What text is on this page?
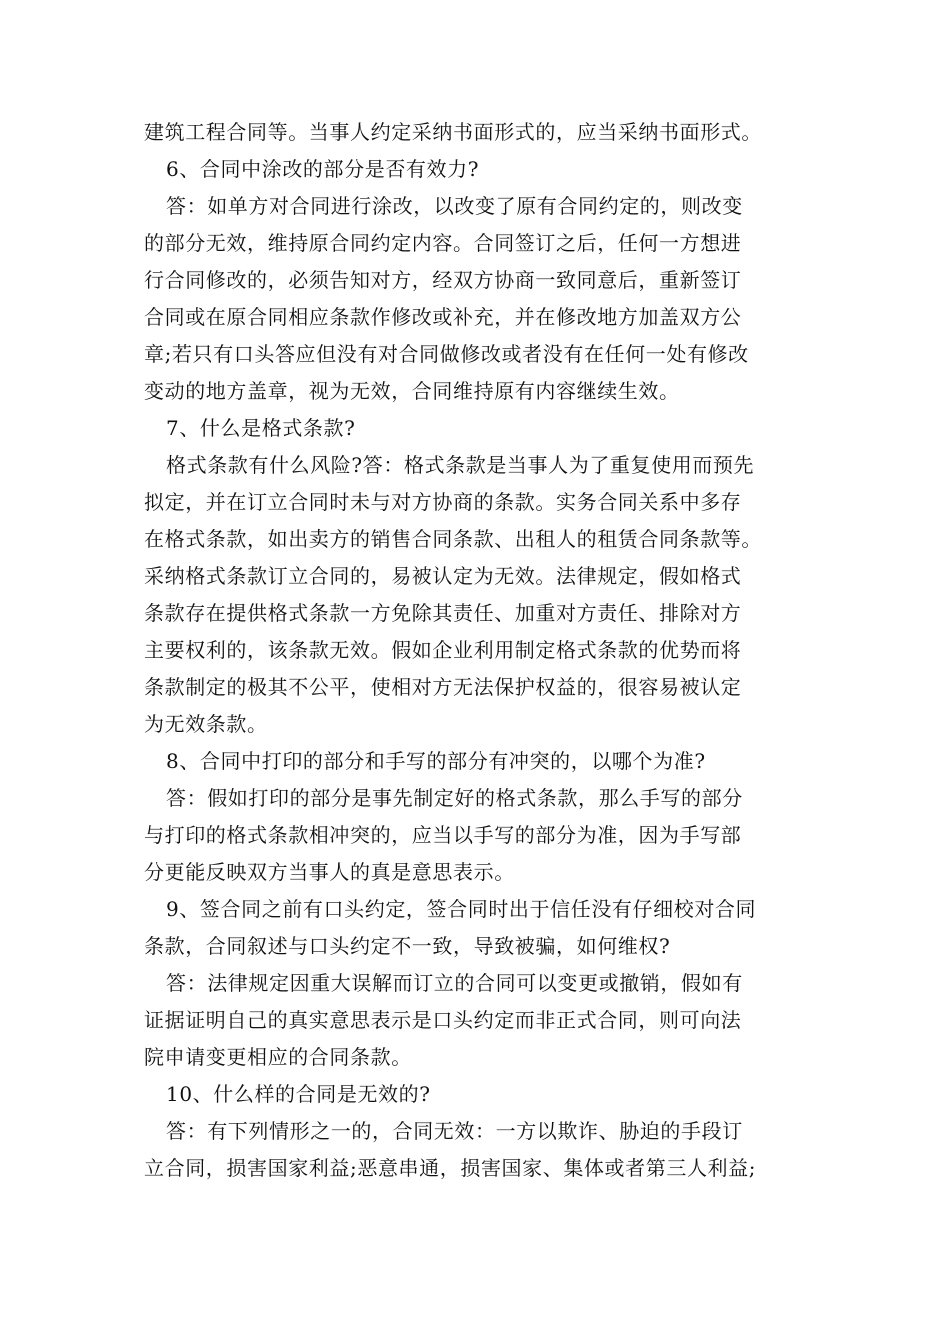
建筑工程合同等。当事人约定采纳书面形式的，应当采纳书面形式。
6、合同中涂改的部分是否有效力?
答：如单方对合同进行涂改，以改变了原有合同约定的，则改变
的部分无效，维持原合同约定内容。合同签订之后，任何一方想进
行合同修改的，必须告知对方，经双方协商一致同意后，重新签订
合同或在原合同相应条款作修改或补充，并在修改地方加盖双方公
章;若只有口头答应但没有对合同做修改或者没有在任何一处有修改
变动的地方盖章，视为无效，合同维持原有内容继续生效。
7、什么是格式条款?
格式条款有什么风险?答：格式条款是当事人为了重复使用而预先
拟定，并在订立合同时未与对方协商的条款。实务合同关系中多存
在格式条款，如出卖方的销售合同条款、出租人的租赁合同条款等。
采纳格式条款订立合同的，易被认定为无效。法律规定，假如格式
条款存在提供格式条款一方免除其责任、加重对方责任、排除对方
主要权利的，该条款无效。假如企业利用制定格式条款的优势而将
条款制定的极其不公平，使相对方无法保护权益的，很容易被认定
为无效条款。
8、合同中打印的部分和手写的部分有冲突的，以哪个为准?
答：假如打印的部分是事先制定好的格式条款，那么手写的部分
与打印的格式条款相冲突的，应当以手写的部分为准，因为手写部
分更能反映双方当事人的真是意思表示。
9、签合同之前有口头约定，签合同时出于信任没有仔细校对合同
条款，合同叙述与口头约定不一致，导致被骗，如何维权?
答：法律规定因重大误解而订立的合同可以变更或撤销，假如有
证据证明自己的真实意思表示是口头约定而非正式合同，则可向法
院申请变更相应的合同条款。
10、什么样的合同是无效的?
答：有下列情形之一的，合同无效：一方以欺诈、胁迫的手段订
立合同，损害国家利益;恶意串通，损害国家、集体或者第三人利益;
